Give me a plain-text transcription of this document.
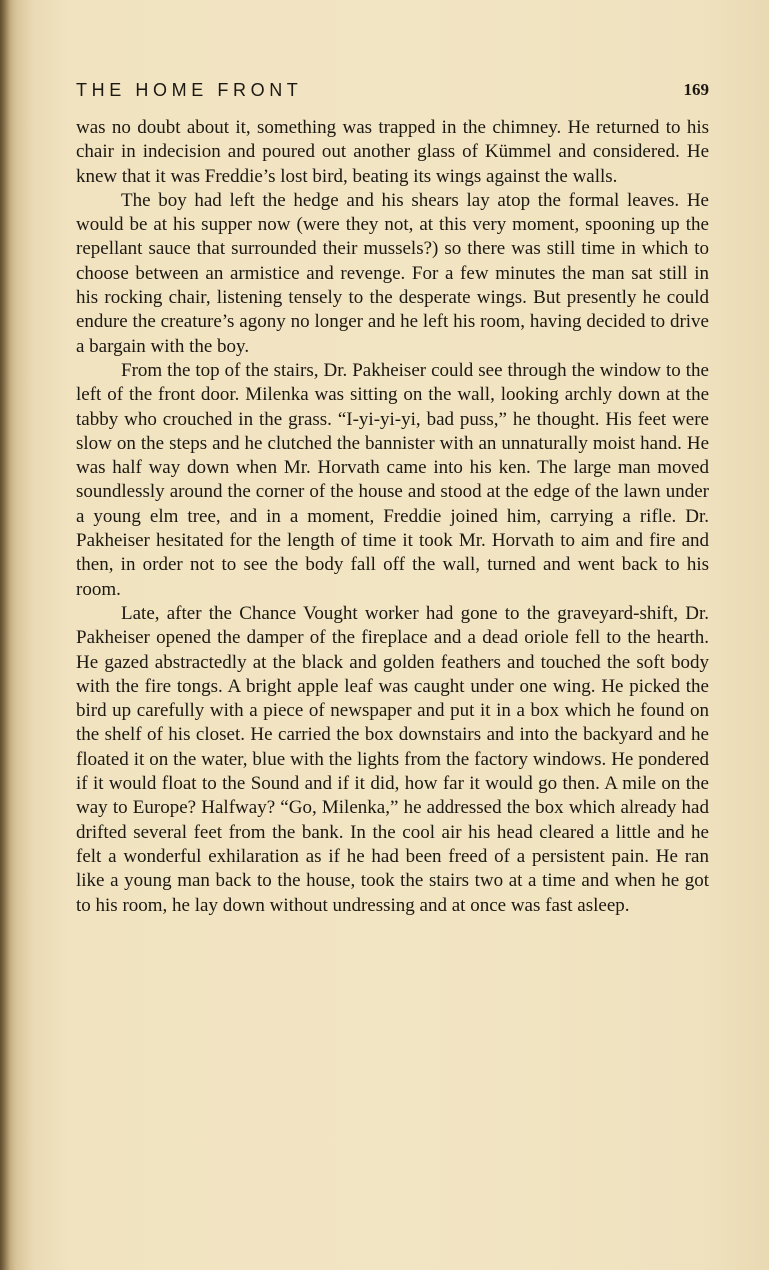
THE HOME FRONT	169

was no doubt about it, something was trapped in the chimney. He returned to his chair in indecision and poured out another glass of Kümmel and considered. He knew that it was Freddie’s lost bird, beating its wings against the walls.

The boy had left the hedge and his shears lay atop the formal leaves. He would be at his supper now (were they not, at this very moment, spooning up the repellant sauce that surrounded their mussels?) so there was still time in which to choose between an armistice and revenge. For a few minutes the man sat still in his rocking chair, listening tensely to the desperate wings. But presently he could endure the creature’s agony no longer and he left his room, having decided to drive a bargain with the boy.

From the top of the stairs, Dr. Pakheiser could see through the window to the left of the front door. Milenka was sitting on the wall, looking archly down at the tabby who crouched in the grass. “I-yi-yi-yi, bad puss,” he thought. His feet were slow on the steps and he clutched the bannister with an unnaturally moist hand. He was half way down when Mr. Horvath came into his ken. The large man moved soundlessly around the corner of the house and stood at the edge of the lawn under a young elm tree, and in a moment, Freddie joined him, carrying a rifle. Dr. Pakheiser hesitated for the length of time it took Mr. Horvath to aim and fire and then, in order not to see the body fall off the wall, turned and went back to his room.

Late, after the Chance Vought worker had gone to the graveyard-shift, Dr. Pakheiser opened the damper of the fireplace and a dead oriole fell to the hearth. He gazed abstractedly at the black and golden feathers and touched the soft body with the fire tongs. A bright apple leaf was caught under one wing. He picked the bird up carefully with a piece of newspaper and put it in a box which he found on the shelf of his closet. He carried the box downstairs and into the backyard and he floated it on the water, blue with the lights from the factory windows. He pondered if it would float to the Sound and if it did, how far it would go then. A mile on the way to Europe? Halfway? “Go, Milenka,” he addressed the box which already had drifted several feet from the bank. In the cool air his head cleared a little and he felt a wonderful exhilaration as if he had been freed of a persistent pain. He ran like a young man back to the house, took the stairs two at a time and when he got to his room, he lay down without undressing and at once was fast asleep.
